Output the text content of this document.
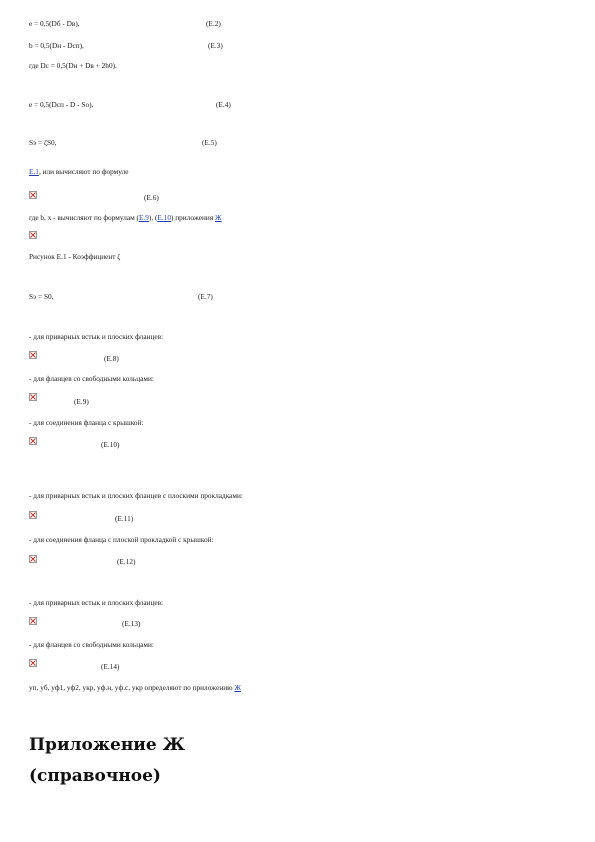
e = 0,5(Dб - Dв),	(Е.2)
b = 0,5(Dн - Dсп),	(Е.3)
где Dс = 0,5(Dн + Dв + 2h0).
e = 0,5(Dсп - D - Sо),	(Е.4)
Sэ = ζS0,	(Е.5)
Е.1, или вычисляют по формуле
(Е.6)
где b, x - вычисляют по формулам (Е.9), (Е.10) приложения Ж
Рисунок Е.1 - Коэффициент ζ
Sэ = S0,	(Е.7)
- для приварных встык и плоских фланцев:
(Е.8)
- для фланцев со свободными кольцами:
(Е.9)
- для соединения фланца с крышкой:
(Е.10)
- для приварных встык и плоских фланцев с плоскими прокладками:
(Е.11)
- для соединения фланца с плоской прокладкой с крышкой:
(Е.12)
- для приварных встык и плоских фланцев:
(Е.13)
- для фланцев со свободными кольцами:
(Е.14)
yп, yб, yф1, yф2, yкр, yф.н, yф.с, yкр определяют по приложению Ж
Приложение Ж
(справочное)
